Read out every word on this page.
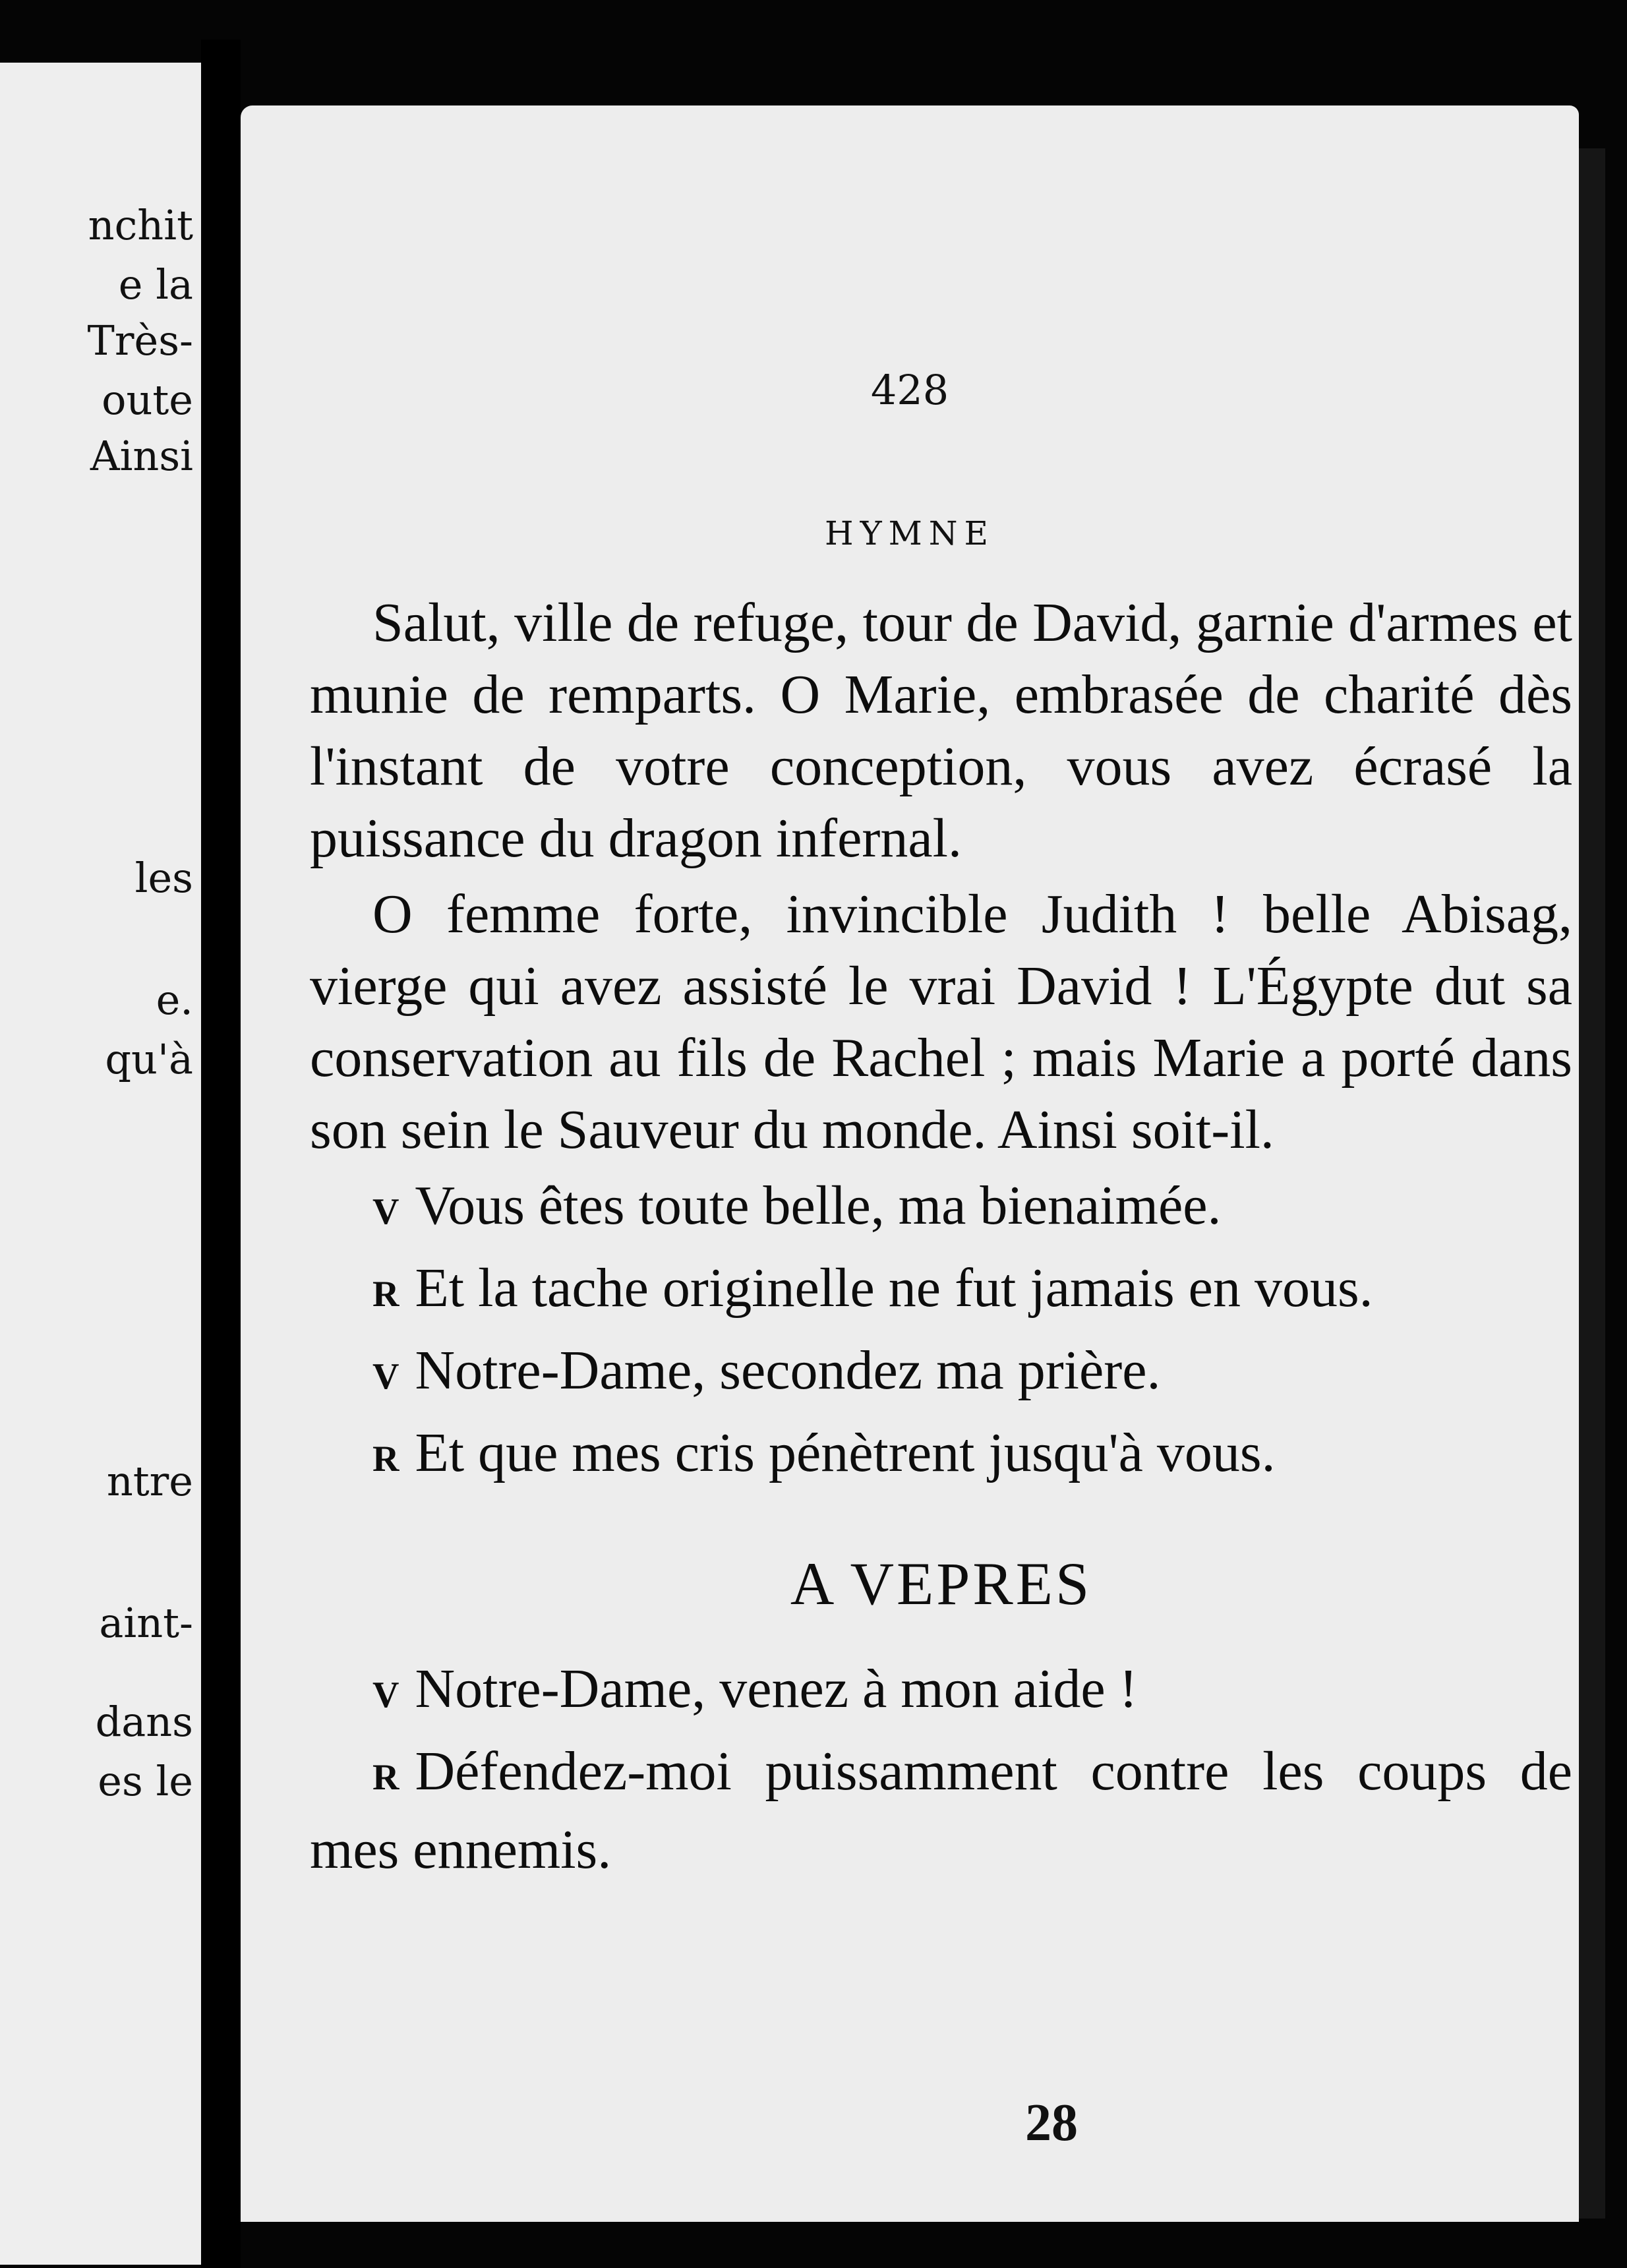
nchit
e la
Très-
oute
Ainsi
les
e.
qu'à
ntre
aint-
dans
es le
428
HYMNE

Salut, ville de refuge, tour de David, garnie d'armes et munie de remparts. O Marie, embrasée de charité dès l'instant de votre conception, vous avez écrasé la puissance du dragon infernal.

O femme forte, invincible Judith ! belle Abisag, vierge qui avez assisté le vrai David ! L'Égypte dut sa conservation au fils de Rachel ; mais Marie a porté dans son sein le Sauveur du monde. Ainsi soit-il.

V Vous êtes toute belle, ma bienaimée.

R Et la tache originelle ne fut jamais en vous.

V Notre-Dame, secondez ma prière.

R Et que mes cris pénètrent jusqu'à vous.

A VEPRES

V Notre-Dame, venez à mon aide !

R Défendez-moi puissamment contre les coups de mes ennemis.

28
